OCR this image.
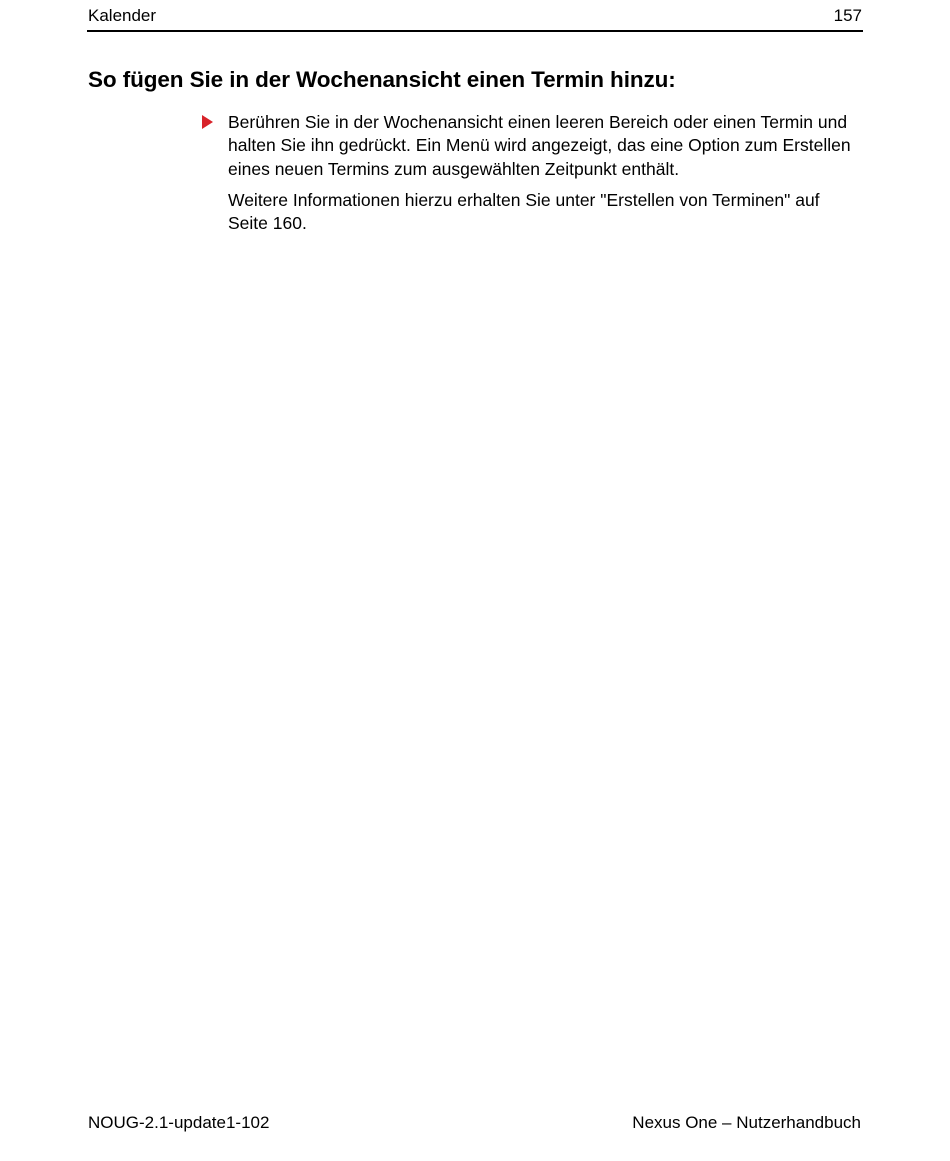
Kalender	157
So fügen Sie in der Wochenansicht einen Termin hinzu:

Berühren Sie in der Wochenansicht einen leeren Bereich oder einen Termin und halten Sie ihn gedrückt. Ein Menü wird angezeigt, das eine Option zum Erstellen eines neuen Termins zum ausgewählten Zeitpunkt enthält.

Weitere Informationen hierzu erhalten Sie unter "Erstellen von Terminen" auf Seite 160.

NOUG-2.1-update1-102	Nexus One – Nutzerhandbuch
